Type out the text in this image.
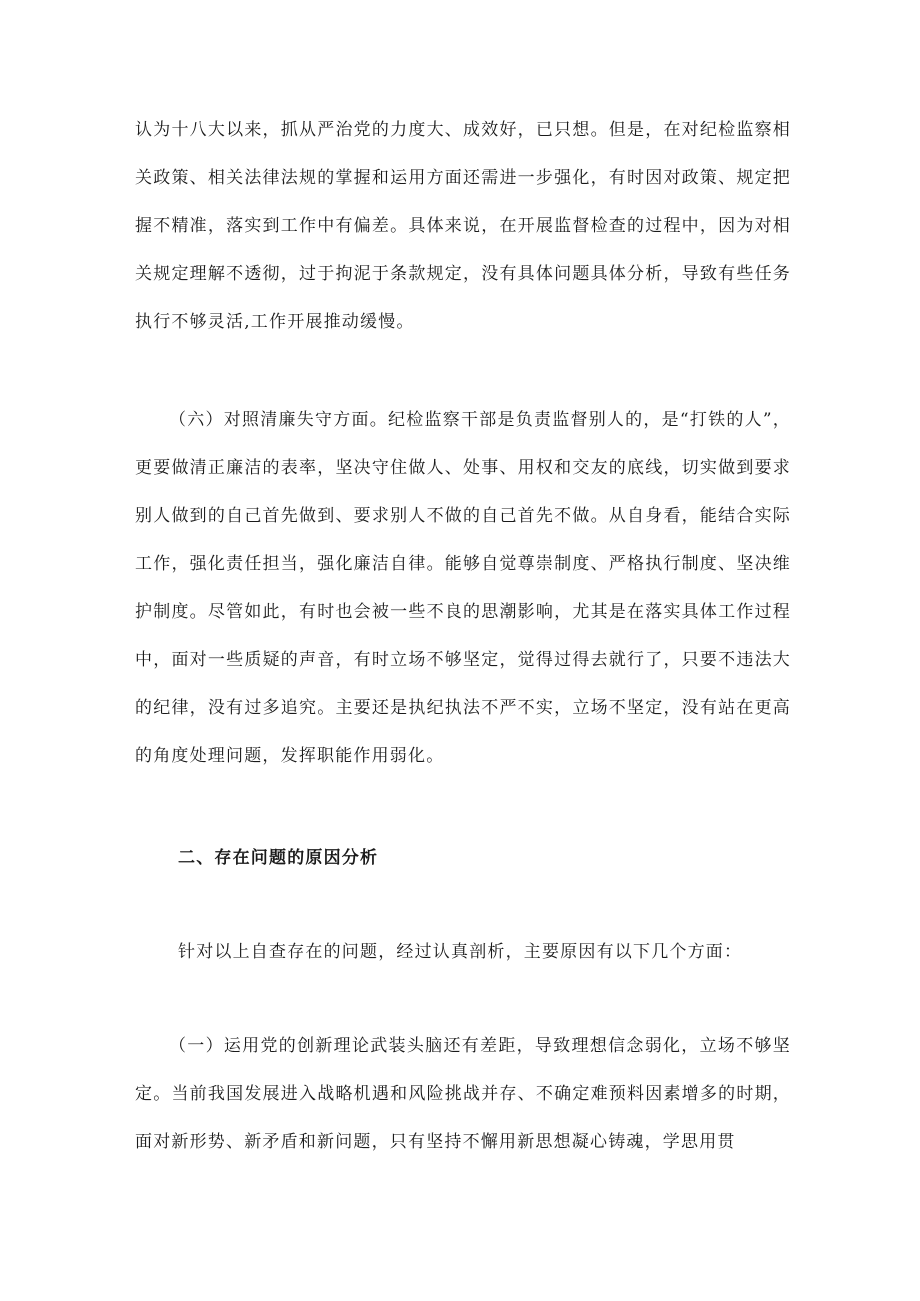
认为十八大以来，抓从严治党的力度大、成效好，已只想。但是，在对纪检监察相关政策、相关法律法规的掌握和运用方面还需进一步强化，有时因对政策、规定把握不精准，落实到工作中有偏差。具体来说，在开展监督检查的过程中，因为对相关规定理解不透彻，过于拘泥于条款规定，没有具体问题具体分析，导致有些任务执行不够灵活,工作开展推动缓慢。

（六）对照清廉失守方面。纪检监察干部是负责监督别人的，是“打铁的人”，更要做清正廉洁的表率，坚决守住做人、处事、用权和交友的底线，切实做到要求别人做到的自己首先做到、要求别人不做的自己首先不做。从自身看，能结合实际工作，强化责任担当，强化廉洁自律。能够自觉尊崇制度、严格执行制度、坚决维护制度。尽管如此，有时也会被一些不良的思潮影响，尤其是在落实具体工作过程中，面对一些质疑的声音，有时立场不够坚定，觉得过得去就行了，只要不违法大的纪律，没有过多追究。主要还是执纪执法不严不实，立场不坚定，没有站在更高的角度处理问题，发挥职能作用弱化。

二、存在问题的原因分析

针对以上自查存在的问题，经过认真剖析，主要原因有以下几个方面：

（一）运用党的创新理论武装头脑还有差距，导致理想信念弱化，立场不够坚定。当前我国发展进入战略机遇和风险挑战并存、不确定难预料因素增多的时期，面对新形势、新矛盾和新问题，只有坚持不懈用新思想凝心铸魂，学思用贯
